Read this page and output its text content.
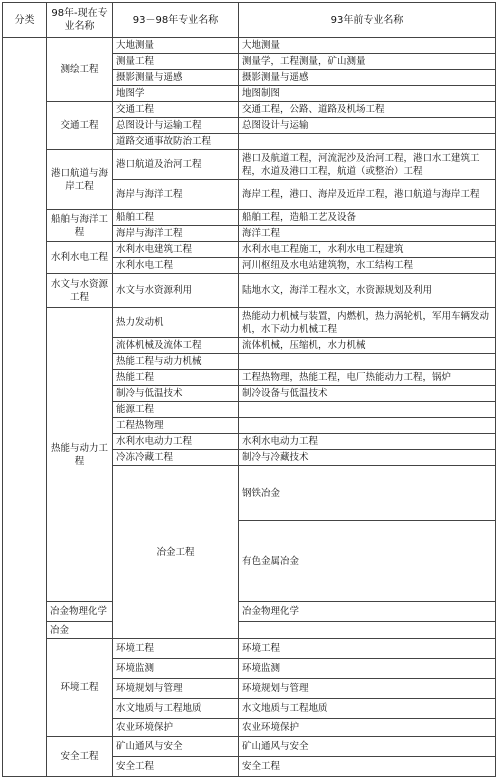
分类	98年-现在专业名称	93－98年专业名称	93年前专业名称	
	测绘工程	大地测量	大地测量	
		测量工程	测量学，工程测量，矿山测量	
		摄影测量与遥感	摄影测量与遥感	
		地图学	地图制图	
	交通工程	交通工程	交通工程，公路、道路及机场工程	
		总图设计与运输工程	总图设计与运输	
		道路交通事故防治工程		
	港口航道与海岸工程	港口航道及治河工程	港口及航道工程，河流泥沙及治河工程，港口水工建筑工程，水道及港口工程，航道（或整治）工程	
		海岸与海洋工程	海岸工程，港口、海岸及近岸工程，港口航道与海岸工程	
	船舶与海洋工程	船舶工程	船舶工程，造船工艺及设备	
		海岸与海洋工程	海洋工程	
	水利水电工程	水利水电建筑工程	水利水电工程施工，水利水电工程建筑	
		水利水电工程	河川枢纽及水电站建筑物，水工结构工程	
	水文与水资源工程	水文与水资源利用	陆地水文，海洋工程水文，水资源规划及利用	
	热能与动力工程	热力发动机	热能动力机械与装置，内燃机，热力涡轮机，军用车辆发动机，水下动力机械工程	
		流体机械及流体工程	流体机械，压缩机，水力机械	
		热能工程与动力机械		
		热能工程	工程热物理，热能工程，电厂热能动力工程，锅炉	
		制冷与低温技术	制冷设备与低温技术	
		能源工程		
		工程热物理		
		水利水电动力工程	水利水电动力工程	
		冷冻冷藏工程	制冷与冷藏技术	
		冶金工程	钢铁冶金	
			有色金属冶金	
	冶金物理化学		冶金物理化学	
	冶金			
	环境工程	环境工程	环境工程	
		环境监测	环境监测	
		环境规划与管理	环境规划与管理	
		水文地质与工程地质	水文地质与工程地质	
		农业环境保护	农业环境保护	
	安全工程	矿山通风与安全	矿山通风与安全	
		安全工程	安全工程	
